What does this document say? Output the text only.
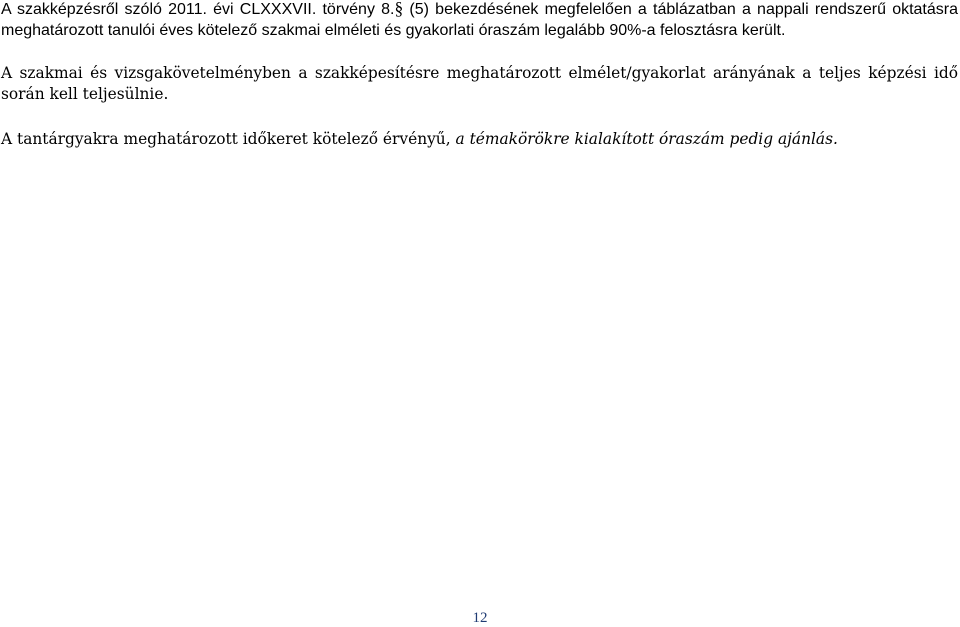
A szakképzésről szóló 2011. évi CLXXXVII. törvény 8.§ (5) bekezdésének megfelelően a táblázatban a nappali rendszerű oktatásra meghatározott tanulói éves kötelező szakmai elméleti és gyakorlati óraszám legalább 90%-a felosztásra került.

A szakmai és vizsgakövetelményben a szakképesítésre meghatározott elmélet/gyakorlat arányának a teljes képzési idő során kell teljesülnie.

A tantárgyakra meghatározott időkeret kötelező érvényű, a témakörökre kialakított óraszám pedig ajánlás.

12
